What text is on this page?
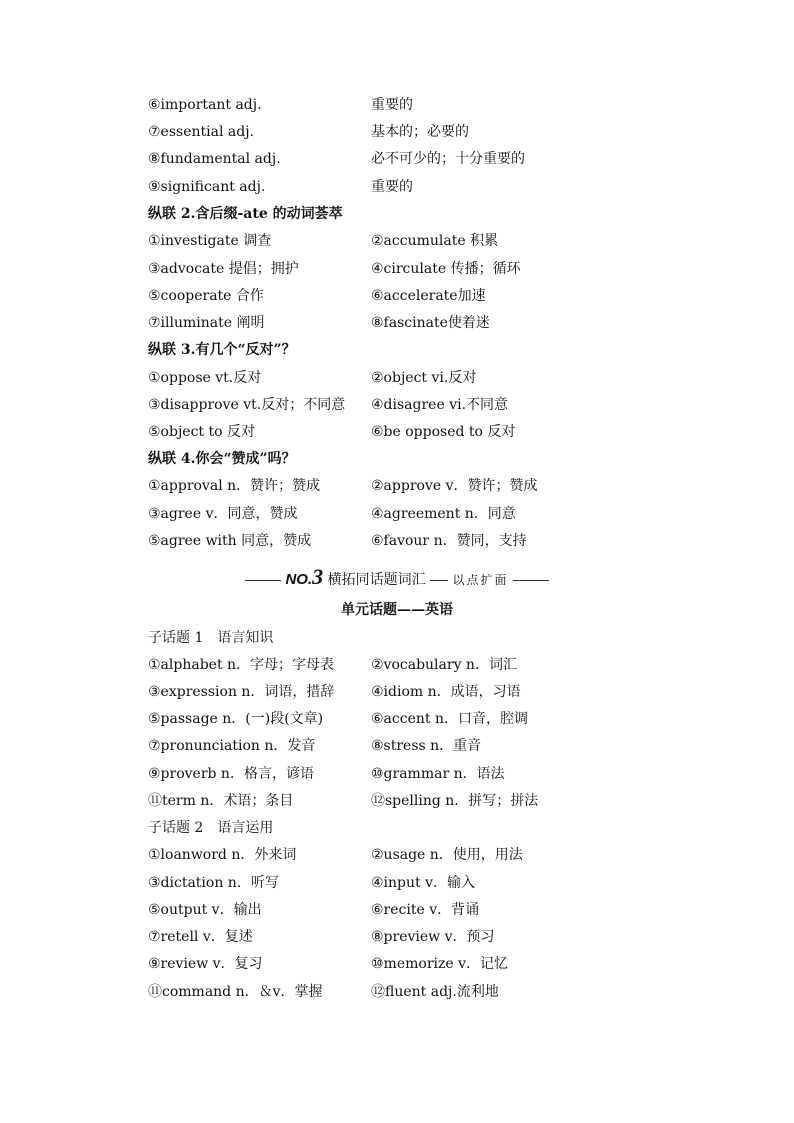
⑥important adj.	重要的
⑦essential adj.	基本的；必要的
⑧fundamental adj.	必不可少的；十分重要的
⑨significant adj.	重要的
纵联 2.含后缀-ate 的动词荟萃
①investigate 调查	②accumulate 积累
③advocate 提倡；拥护	④circulate 传播；循环
⑤cooperate 合作	⑥accelerate加速
⑦illuminate 阐明	⑧fascinate使着迷
纵联 3.有几个“反对”？
①oppose vt.反对	②object vi.反对
③disapprove vt.反对；不同意 ④disagree vi.不同意
⑤object to 反对	⑥be opposed to 反对
纵联 4.你会“赞成”吗？
①approval n．赞许；赞成	②approve v．赞许；赞成
③agree v．同意，赞成	④agreement n．同意
⑤agree with 同意，赞成	⑥favour n．赞同，支持
NO.3 横拓同话题词汇 以点扩面
单元话题——英语
子话题 1　语言知识
①alphabet n．字母；字母表	②vocabulary n．词汇
③expression n．词语，措辞	④idiom n．成语，习语
⑤passage n．(一)段(文章)	⑥accent n．口音，腔调
⑦pronunciation n．发音	⑧stress n．重音
⑨proverb n．格言，谚语	⑩grammar n．语法
⑪term n．术语；条目	⑫spelling n．拼写；拼法
子话题 2　语言运用
①loanword n．外来词	②usage n．使用，用法
③dictation n．听写	④input v．输入
⑤output v．输出	⑥recite v．背诵
⑦retell v．复述	⑧preview v．预习
⑨review v．复习	⑩memorize v．记忆
⑪command n．＆v．掌握	⑫fluent adj.流利地
